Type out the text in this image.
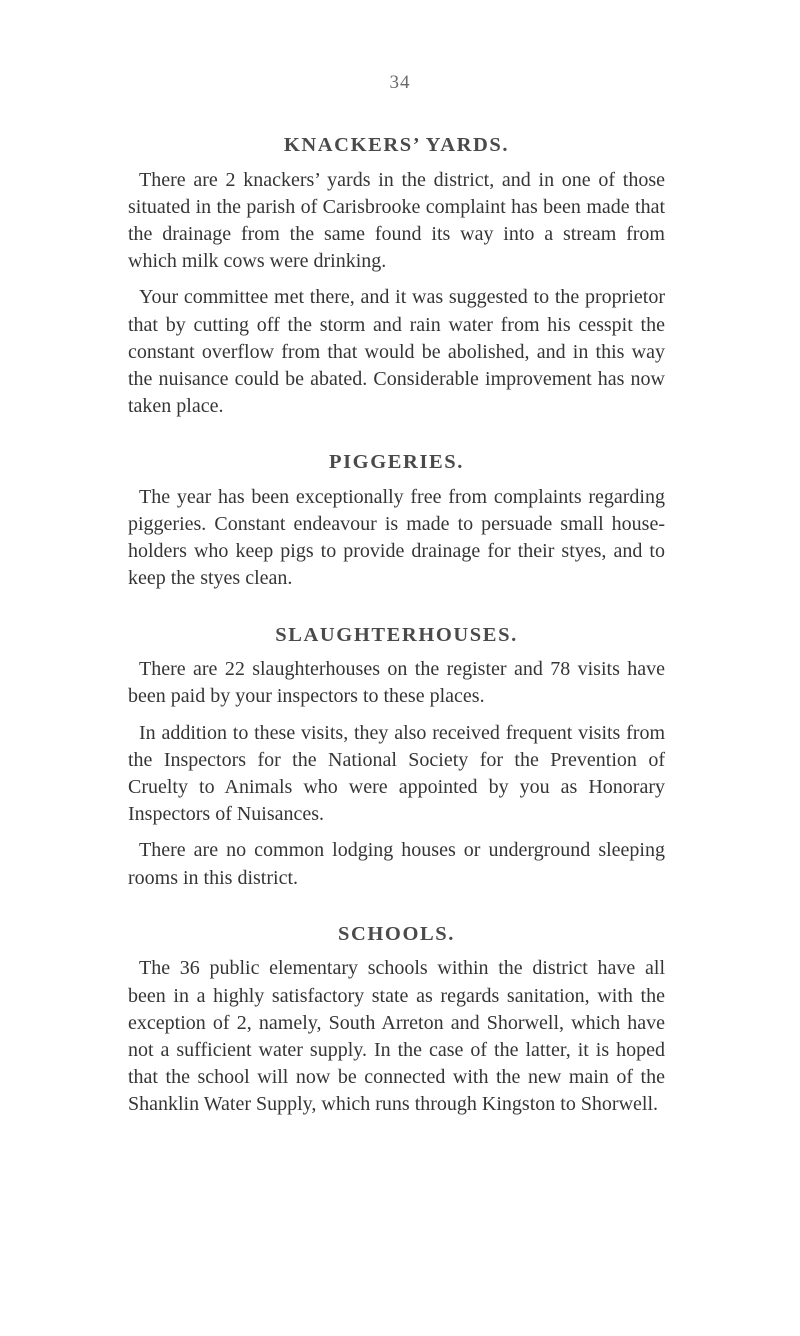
34
KNACKERS’ YARDS.

There are 2 knackers’ yards in the district, and in one of those situated in the parish of Carisbrooke complaint has been made that the drainage from the same found its way into a stream from which milk cows were drinking.

Your committee met there, and it was suggested to the proprietor that by cutting off the storm and rain water from his cesspit the constant overflow from that would be abolished, and in this way the nuisance could be abated. Considerable improvement has now taken place.

PIGGERIES.

The year has been exceptionally free from complaints regarding piggeries. Constant endeavour is made to persuade small house-holders who keep pigs to provide drainage for their styes, and to keep the styes clean.

SLAUGHTERHOUSES.

There are 22 slaughterhouses on the register and 78 visits have been paid by your inspectors to these places.

In addition to these visits, they also received frequent visits from the Inspectors for the National Society for the Prevention of Cruelty to Animals who were appointed by you as Honorary Inspectors of Nuisances.

There are no common lodging houses or underground sleeping rooms in this district.

SCHOOLS.

The 36 public elementary schools within the district have all been in a highly satisfactory state as regards sanitation, with the exception of 2, namely, South Arreton and Shorwell, which have not a sufficient water supply. In the case of the latter, it is hoped that the school will now be connected with the new main of the Shanklin Water Supply, which runs through Kingston to Shorwell.
